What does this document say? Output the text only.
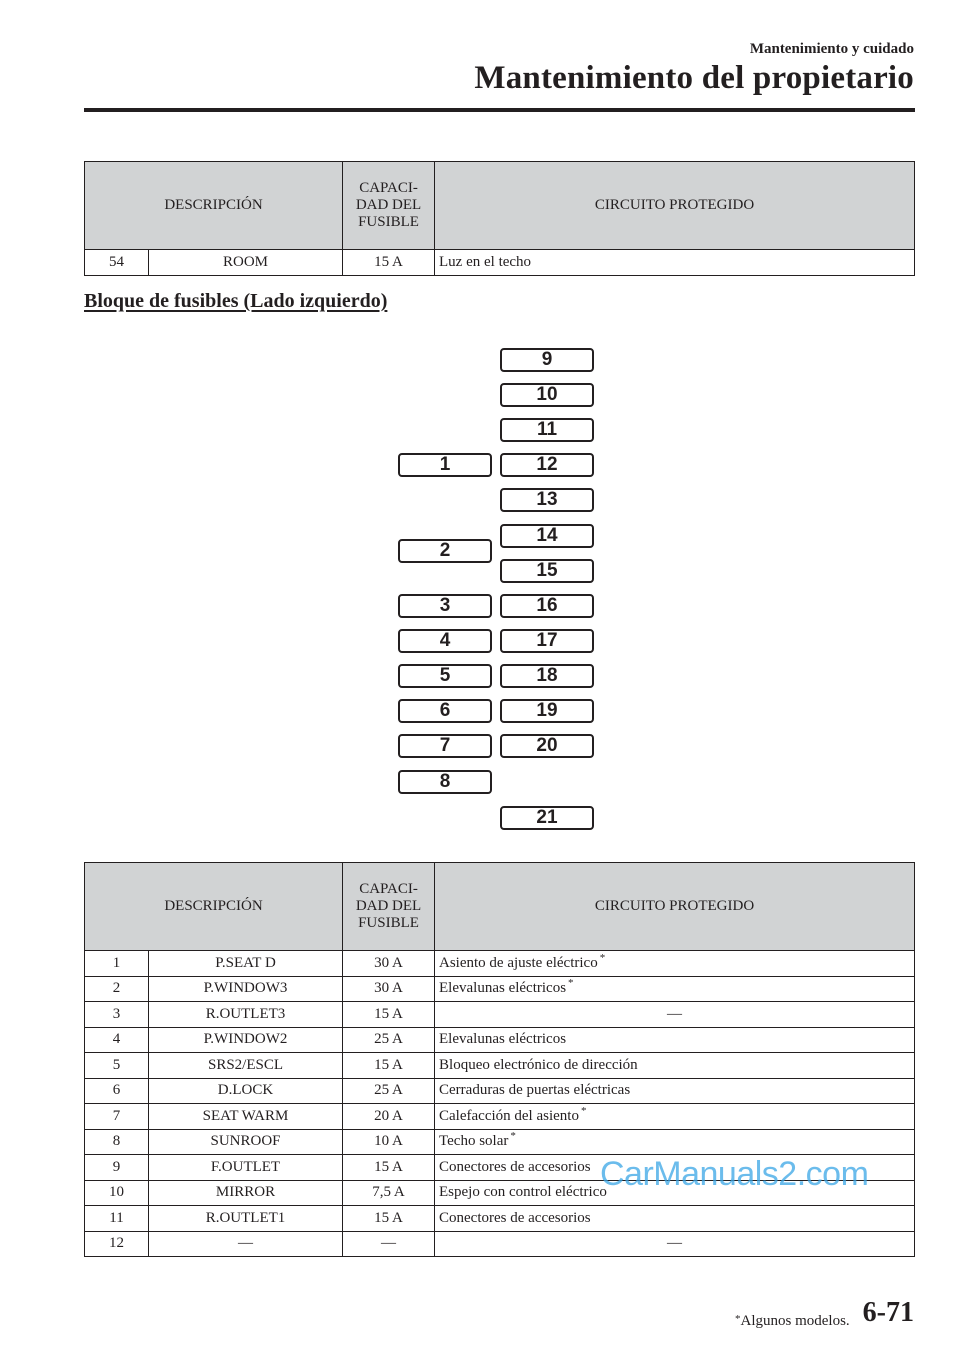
Mantenimiento y cuidado
Mantenimiento del propietario
DESCRIPCIÓN		CAPACI-
DAD DEL
FUSIBLE	CIRCUITO PROTEGIDO
54	ROOM	15 A	Luz en el techo
Bloque de fusibles (Lado izquierdo)
9
10
11
1	12
13
14
2
15
3	16
4	17
5	18
6	19
7	20
8
21
DESCRIPCIÓN		CAPACI-
DAD DEL
FUSIBLE	CIRCUITO PROTEGIDO
1	P.SEAT D	30 A	Asiento de ajuste eléctrico *
2	P.WINDOW3	30 A	Elevalunas eléctricos *
3	R.OUTLET3	15 A	—
4	P.WINDOW2	25 A	Elevalunas eléctricos
5	SRS2/ESCL	15 A	Bloqueo electrónico de dirección
6	D.LOCK	25 A	Cerraduras de puertas eléctricas
7	SEAT WARM	20 A	Calefacción del asiento *
8	SUNROOF	10 A	Techo solar *
9	F.OUTLET	15 A	Conectores de accesorios
10	MIRROR	7,5 A	Espejo con control eléctrico
11	R.OUTLET1	15 A	Conectores de accesorios
12	—	—	—
CarManuals2.com
*Algunos modelos. 6-71
